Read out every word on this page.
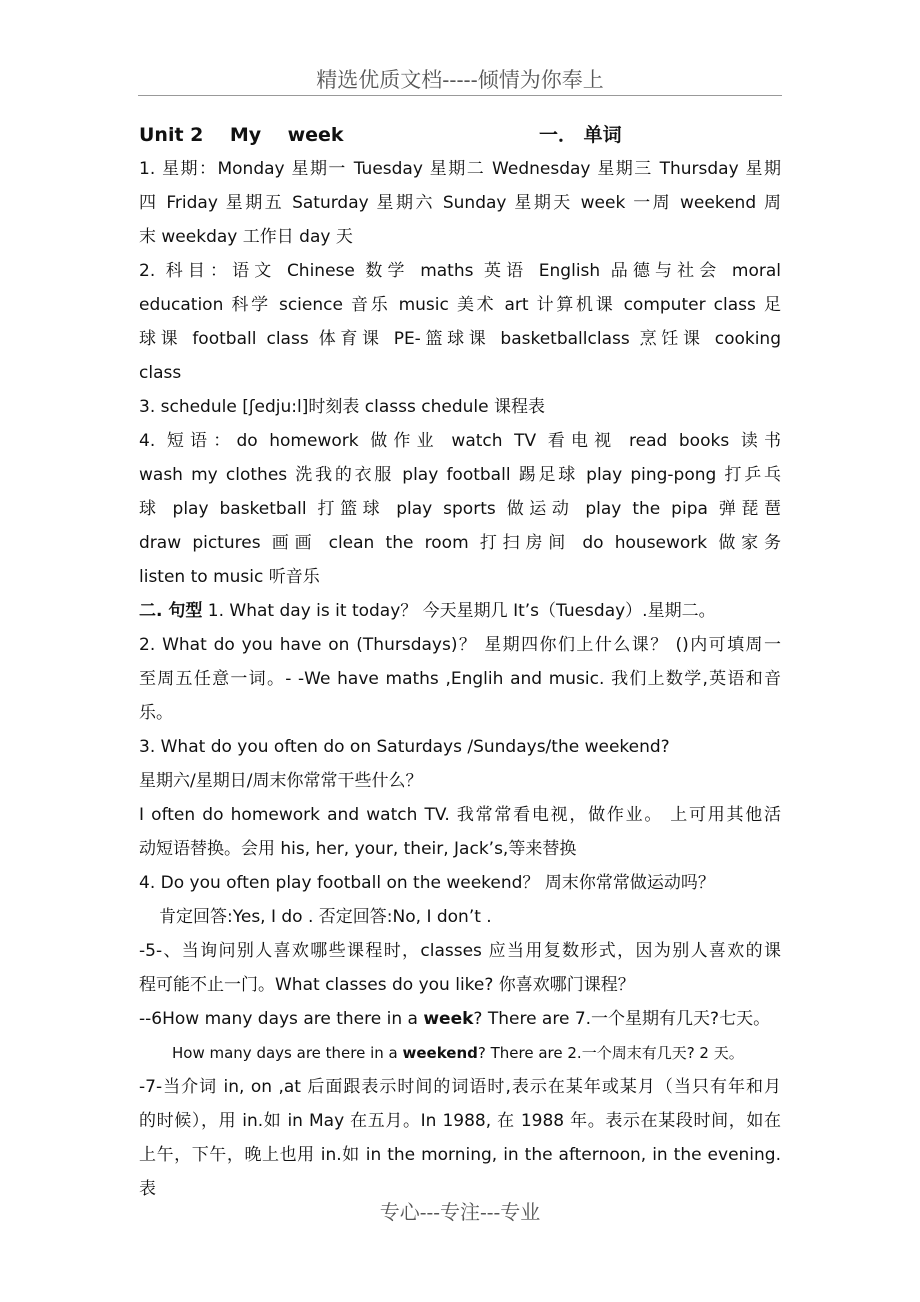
精选优质文档-----倾情为你奉上
Unit 2    My    week	一． 单词

1. 星期：Monday 星期一 Tuesday 星期二 Wednesday 星期三 Thursday 星期

四 Friday 星期五 Saturday 星期六 Sunday 星期天 week 一周 weekend 周

末 weekday 工作日 day 天

2. 科目：语文 Chinese 数学 maths 英语 English 品德与社会 moral

education 科学 science 音乐 music 美术 art 计算机课 computer class 足

球课 football class 体育课 PE-篮球课 basketballclass 烹饪课 cooking

class

3. schedule [ʃedju:l]时刻表 classs chedule 课程表

4. 短语：do homework 做作业 watch TV 看电视 read books 读书

wash my clothes 洗我的衣服 play football 踢足球 play ping-pong 打乒乓

球 play basketball 打篮球 play sports 做运动 play the pipa 弹琵琶

draw pictures 画画 clean the room 打扫房间 do housework 做家务

listen to music 听音乐

二. 句型 1. What day is it today？ 今天星期几 It’s（Tuesday）.星期二。

2. What do you have on (Thursdays)？ 星期四你们上什么课？ ()内可填周一

至周五任意一词。- -We have maths ,Englih and music. 我们上数学,英语和音

乐。

3. What do you often do on Saturdays /Sundays/the weekend?

星期六/星期日/周末你常常干些什么？

I often do homework and watch TV. 我常常看电视，做作业。 上可用其他活

动短语替换。会用 his, her, your, their, Jack’s,等来替换

4. Do you often play football on the weekend？ 周末你常常做运动吗？

肯定回答:Yes, I do . 否定回答:No, I don’t .

-5-、当询问别人喜欢哪些课程时，classes 应当用复数形式，因为别人喜欢的课

程可能不止一门。What classes do you like? 你喜欢哪门课程？

--6How many days are there in a week? There are 7.一个星期有几天?七天。

How many days are there in a weekend? There are 2.一个周末有几天? 2 天。

-7-当介词 in, on ,at 后面跟表示时间的词语时,表示在某年或某月（当只有年和月

的时候），用 in.如 in May 在五月。In 1988, 在 1988 年。表示在某段时间，如在

上午，下午，晚上也用 in.如 in the morning, in the afternoon, in the evening. 表

专心---专注---专业
